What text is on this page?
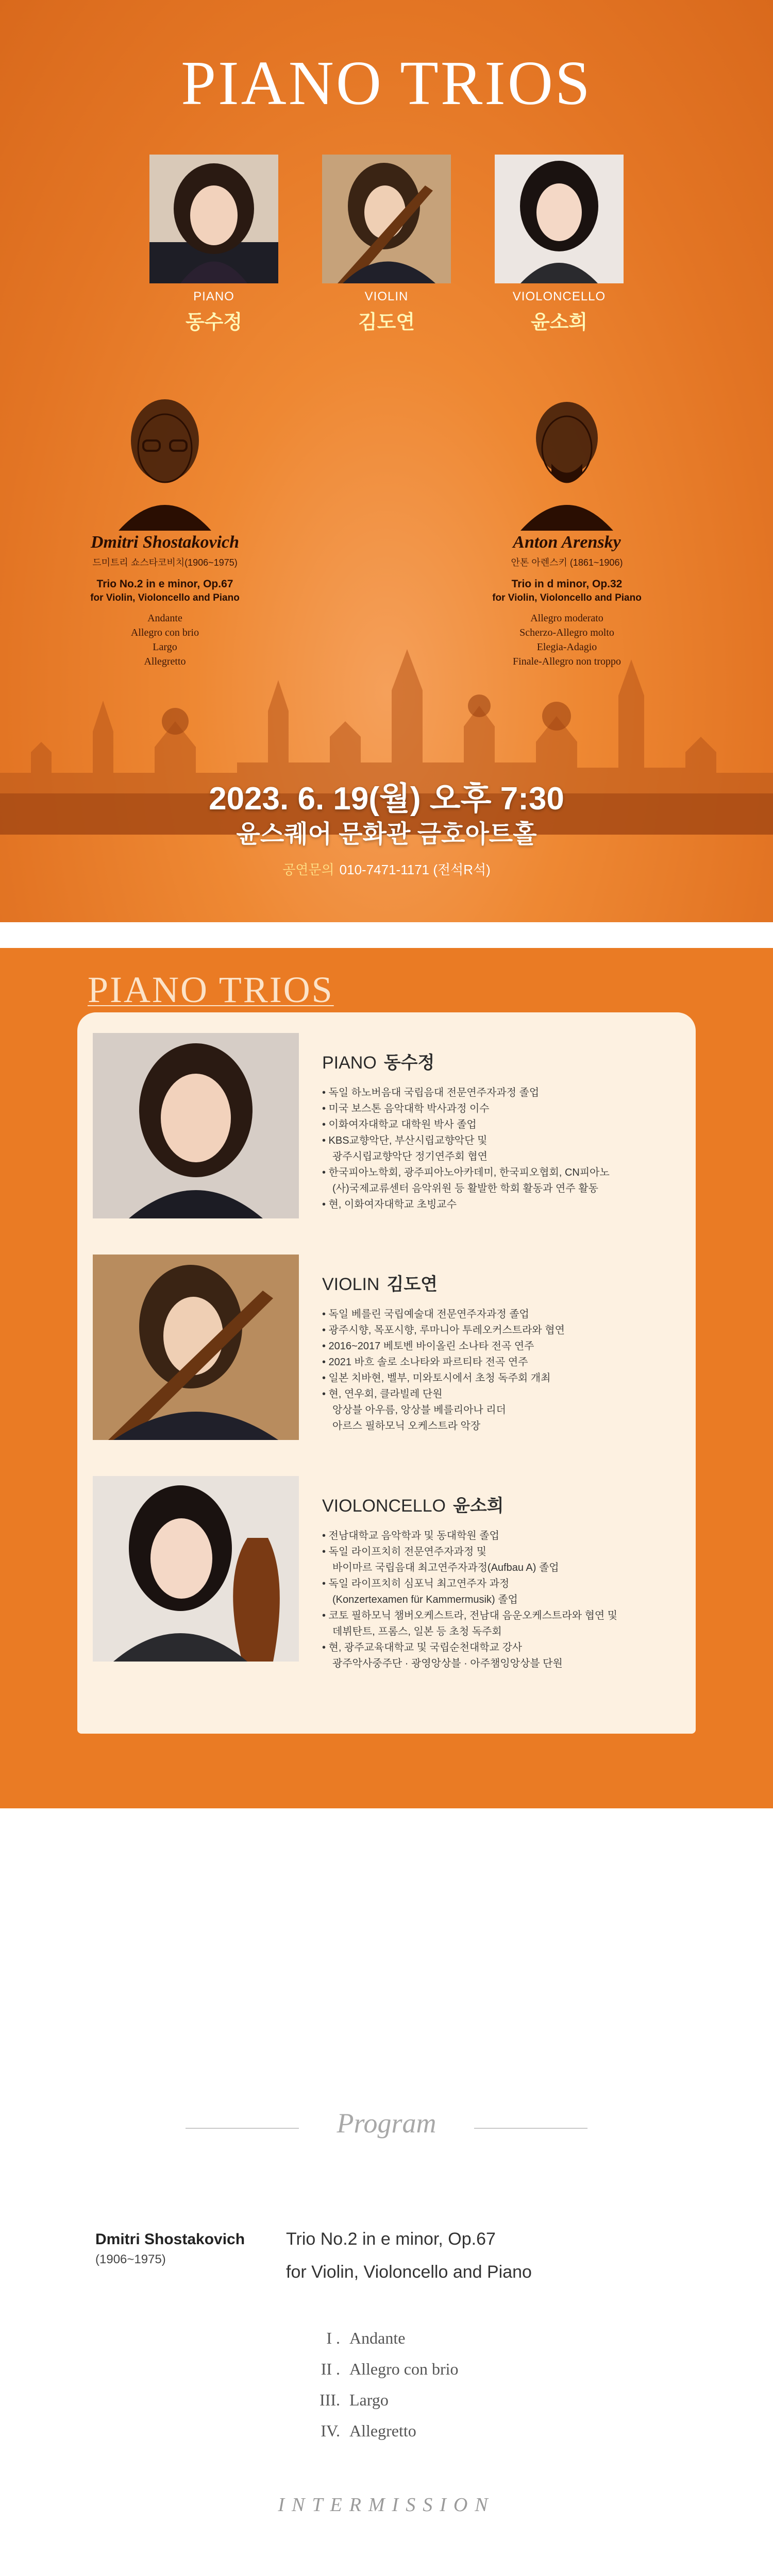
PIANO TRIOS
PIANO
동수정
VIOLIN
김도연
VIOLONCELLO
윤소희
Dmitri Shostakovich
드미트리 쇼스타코비치(1906~1975)
Trio No.2 in e minor, Op.67
for Violin, Violoncello and Piano
Andante
Allegro con brio
Largo
Allegretto
Anton Arensky
안톤 아렌스키 (1861~1906)
Trio in d minor, Op.32
for Violin, Violoncello and Piano
Allegro moderato
Scherzo-Allegro molto
Elegia-Adagio
Finale-Allegro non troppo
2023. 6. 19(월) 오후 7:30
윤스퀘어 문화관 금호아트홀
공연문의 010-7471-1171 (전석R석)
PIANO TRIOS
PIANO 동수정
• 독일 하노버음대 국립음대 전문연주자과정 졸업
• 미국 보스톤 음악대학 박사과정 이수
• 이화여자대학교 대학원 박사 졸업
• KBS교향악단, 부산시립교향악단 및
광주시립교향악단 정기연주회 협연
• 한국피아노학회, 광주피아노아카데미, 한국피오협회, CN피아노
(사)국제교류센터 음악위원 등 활발한 학회 활동과 연주 활동
• 현, 이화여자대학교 초빙교수
VIOLIN 김도연
• 독일 베를린 국립예술대 전문연주자과정 졸업
• 광주시향, 목포시향, 루마니아 투레오커스트라와 협연
• 2016~2017 베토벤 바이올린 소나타 전곡 연주
• 2021 바흐 솔로 소나타와 파르티타 전곡 연주
• 일본 치바현, 벨부, 미와토시에서 초청 독주회 개최
• 현, 연우회, 클라빌레 단원
앙상블 아우름, 앙상블 베를리아나 리더
아르스 필하모닉 오케스트라 악장
VIOLONCELLO 윤소희
• 전남대학교 음악학과 및 동대학원 졸업
• 독일 라이프치히 전문연주자과정 및
바이마르 국립음대 최고연주자과정(Aufbau A) 졸업
• 독일 라이프치히 심포닉 최고연주자 과정
(Konzertexamen für Kammermusik) 졸업
• 코토 필하모닉 챔버오케스트라, 전남대 음운오케스트라와 협연 및
데뷔탄트, 프롬스, 일본 등 초청 독주회
• 현, 광주교육대학교 및 국립순천대학교 강사
광주악사중주단 · 광영앙상블 · 아주챔잉앙상블 단원
Program
Dmitri Shostakovich
(1906~1975)
Trio No.2 in e minor, Op.67
for Violin, Violoncello and Piano
I . Andante
II . Allegro con brio
III. Largo
IV. Allegretto
INTERMISSION
